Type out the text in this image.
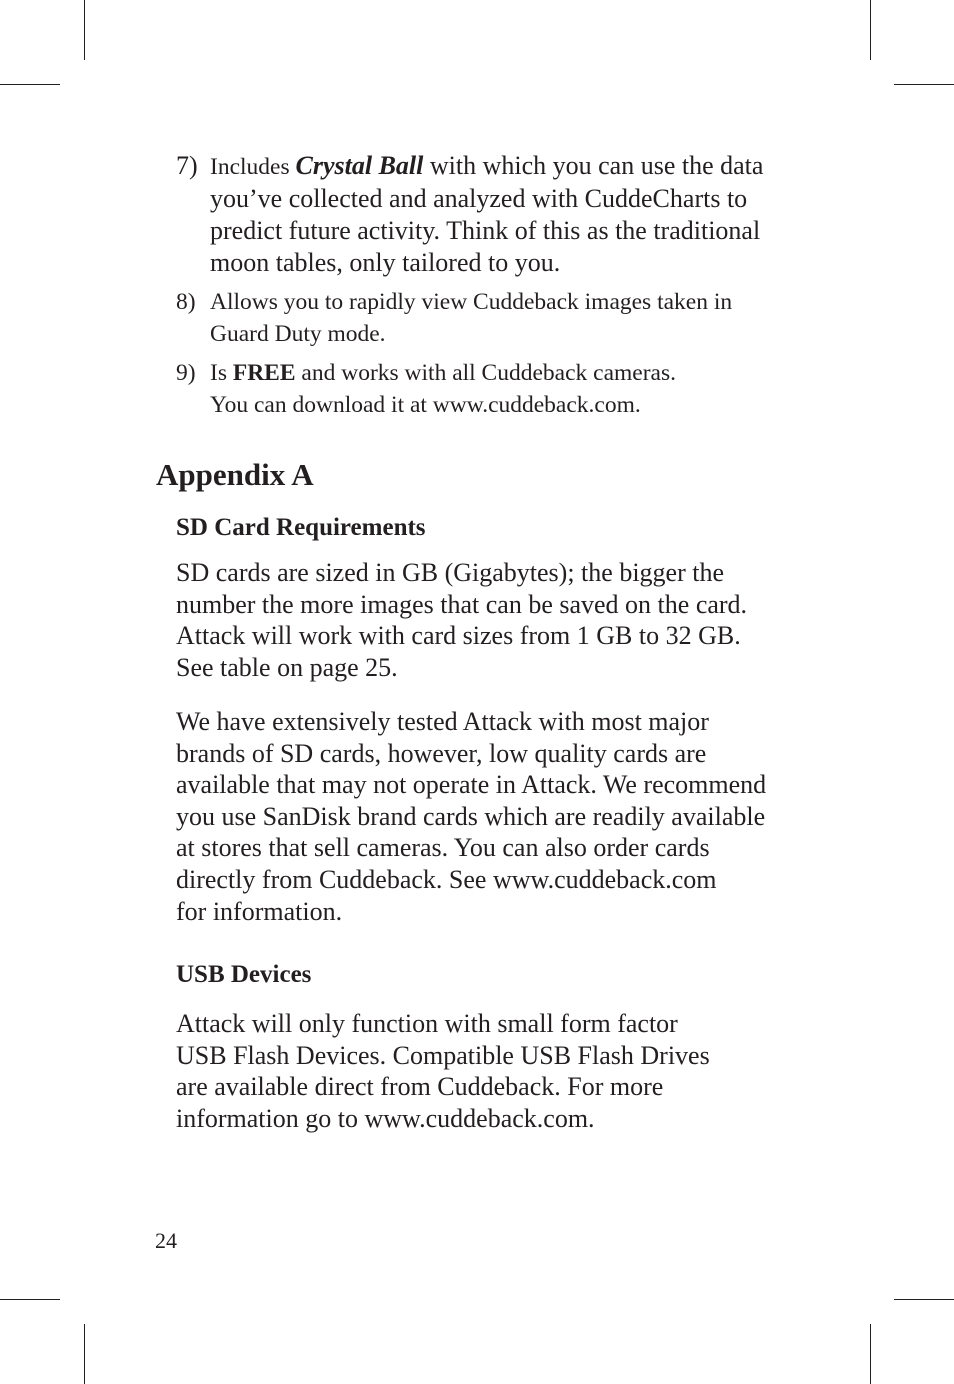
7) Includes Crystal Ball with which you can use the data
you’ve collected and analyzed with CuddeCharts to
predict future activity. Think of this as the traditional
moon tables, only tailored to you.
8) Allows you to rapidly view Cuddeback images taken in
Guard Duty mode.
9) Is FREE and works with all Cuddeback cameras.
You can download it at www.cuddeback.com.
Appendix A
SD Card Requirements

SD cards are sized in GB (Gigabytes); the bigger the
number the more images that can be saved on the card.
Attack will work with card sizes from 1 GB to 32 GB.
See table on page 25.

We have extensively tested Attack with most major
brands of SD cards, however, low quality cards are
available that may not operate in Attack. We recommend
you use SanDisk brand cards which are readily available
at stores that sell cameras. You can also order cards
directly from Cuddeback. See www.cuddeback.com
for information.

USB Devices

Attack will only function with small form factor
USB Flash Devices. Compatible USB Flash Drives
are available direct from Cuddeback. For more
information go to www.cuddeback.com.

24
